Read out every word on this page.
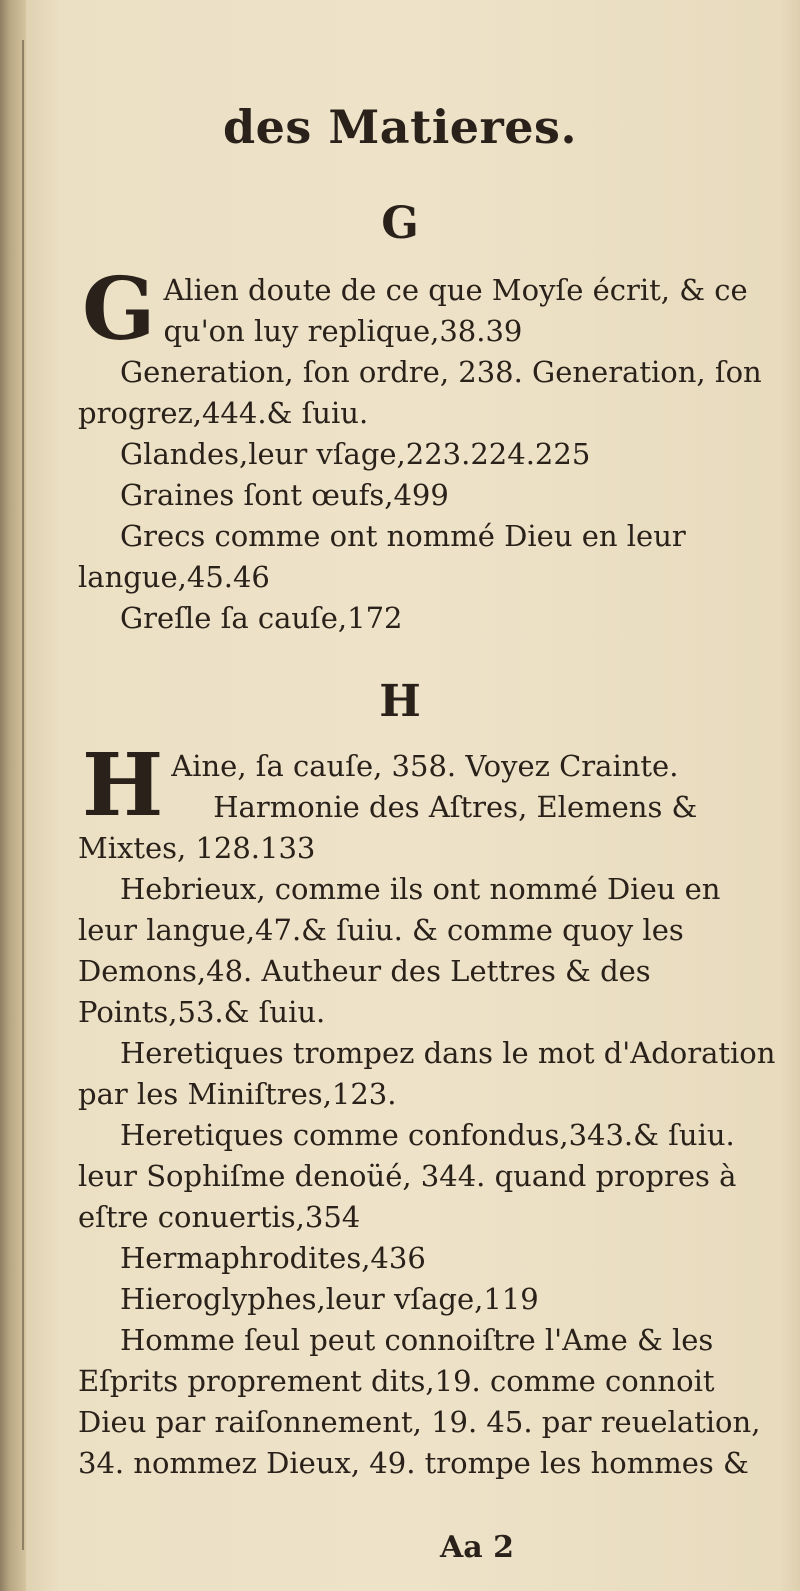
des Matieres.
G

G Alien doute de ce que Moyſe écrit, & ce qu'on luy replique,38.39

Generation, ſon ordre, 238. Generation, ſon progrez,444.& ſuiu.

Glandes,leur vſage,223.224.225

Graines ſont œufs,499

Grecs comme ont nommé Dieu en leur langue,45.46

Greſle ſa cauſe,172

H

H Aine, ſa cauſe, 358. Voyez Crainte.

Harmonie des Aſtres, Elemens & Mixtes, 128.133

Hebrieux, comme ils ont nommé Dieu en leur langue,47.& ſuiu. & comme quoy les Demons,48. Autheur des Lettres & des Points,53.& ſuiu.

Heretiques trompez dans le mot d'Adoration par les Miniſtres,123.

Heretiques comme confondus,343.& ſuiu. leur Sophiſme denoüé, 344. quand propres à eſtre conuertis,354

Hermaphrodites,436

Hieroglyphes,leur vſage,119

Homme ſeul peut connoiſtre l'Ame & les Eſprits proprement dits,19. comme connoit Dieu par raiſonnement, 19. 45. par reuelation, 34. nommez Dieux, 49. trompe les hommes &

Aa 2
